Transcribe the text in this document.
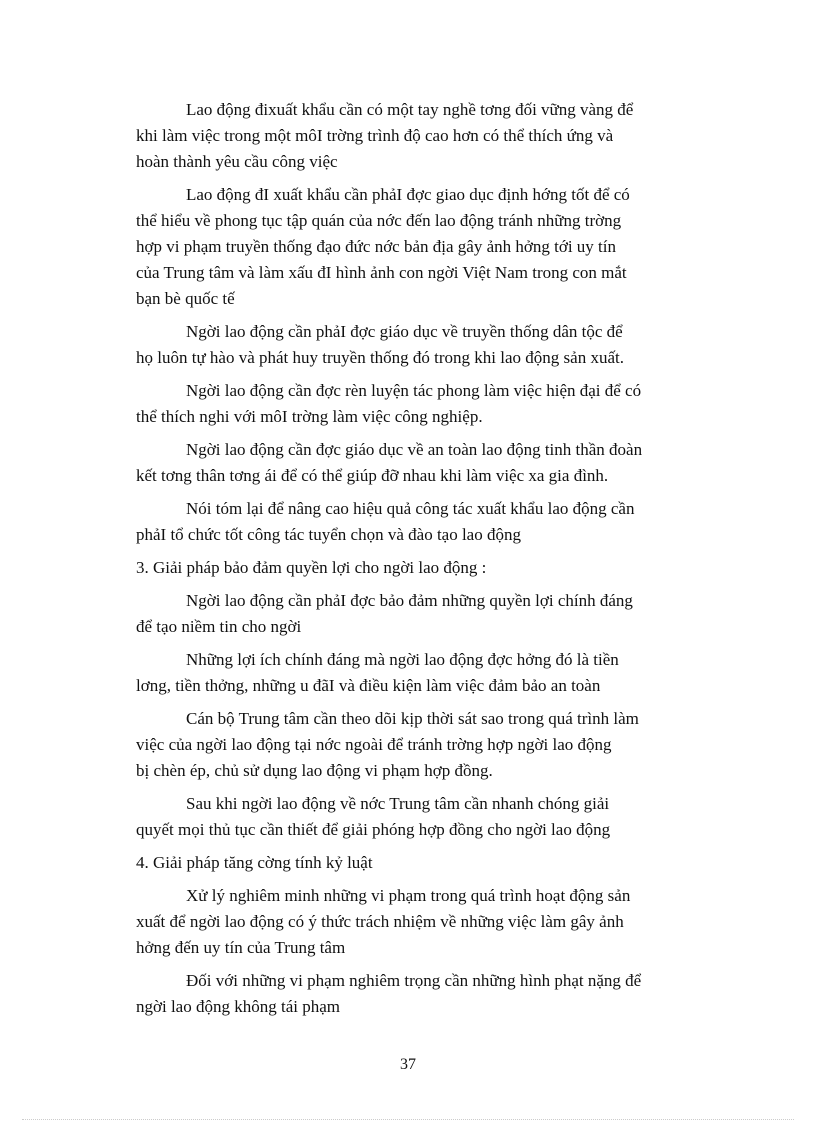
Lao động đixuất khẩu cần có một tay nghề tơng đối vững vàng để
khi làm việc trong một môI trờng trình độ cao hơn có thể thích ứng và
hoàn thành yêu cầu công việc
Lao động đI xuất khẩu cần phảI đợc giao dục định hớng tốt để có
thể hiểu về phong tục tập quán của nớc đến lao động tránh những trờng
hợp vi phạm truyền thống đạo đức nớc bản địa gây ảnh hởng tới uy tín
của Trung tâm và làm xấu đI hình ảnh con ngời Việt Nam trong con mắt
bạn bè quốc tế
Ngời lao động cần phảI đợc giáo dục về truyền thống dân tộc để
họ luôn tự hào và phát huy truyền thống đó trong khi lao động sản xuất.
Ngời lao động cần đợc rèn luyện tác phong làm việc hiện đại để có
thể thích nghi với môI trờng làm việc công nghiệp.
Ngời lao động cần đợc giáo dục về an toàn lao động tinh thần đoàn
kết tơng thân tơng ái để có thể giúp đỡ nhau khi làm việc xa gia đình.
Nói tóm lại để nâng cao hiệu quả công tác xuất khẩu lao động cần
phảI tổ chức tốt công tác tuyển chọn và đào tạo lao động
3. Giải pháp bảo đảm quyền lợi cho ngời lao động :
Ngời lao động cần phảI đợc bảo đảm những quyền lợi chính đáng
để tạo niềm tin cho ngời
Những lợi ích chính đáng mà ngời lao động đợc hởng đó là tiền
lơng, tiền thởng, những u đãI và điều kiện làm việc đảm bảo an toàn
Cán bộ Trung tâm cần theo dõi kịp thời sát sao trong quá trình làm
việc của ngời lao động tại nớc ngoài để tránh trờng hợp ngời lao động
bị chèn ép, chủ sử dụng lao động vi phạm hợp đồng.
Sau khi ngời lao động về nớc Trung tâm cần nhanh chóng giải
quyết mọi thủ tục cần thiết để giải phóng hợp đồng cho ngời lao động
4. Giải pháp tăng cờng tính kỷ luật
Xử lý nghiêm minh những vi phạm trong quá trình hoạt động sản
xuất để ngời lao động có ý thức trách nhiệm về những việc làm gây ảnh
hởng đến uy tín của Trung tâm
Đối với những vi phạm nghiêm trọng cần những hình phạt nặng để
ngời lao động không tái phạm
37
